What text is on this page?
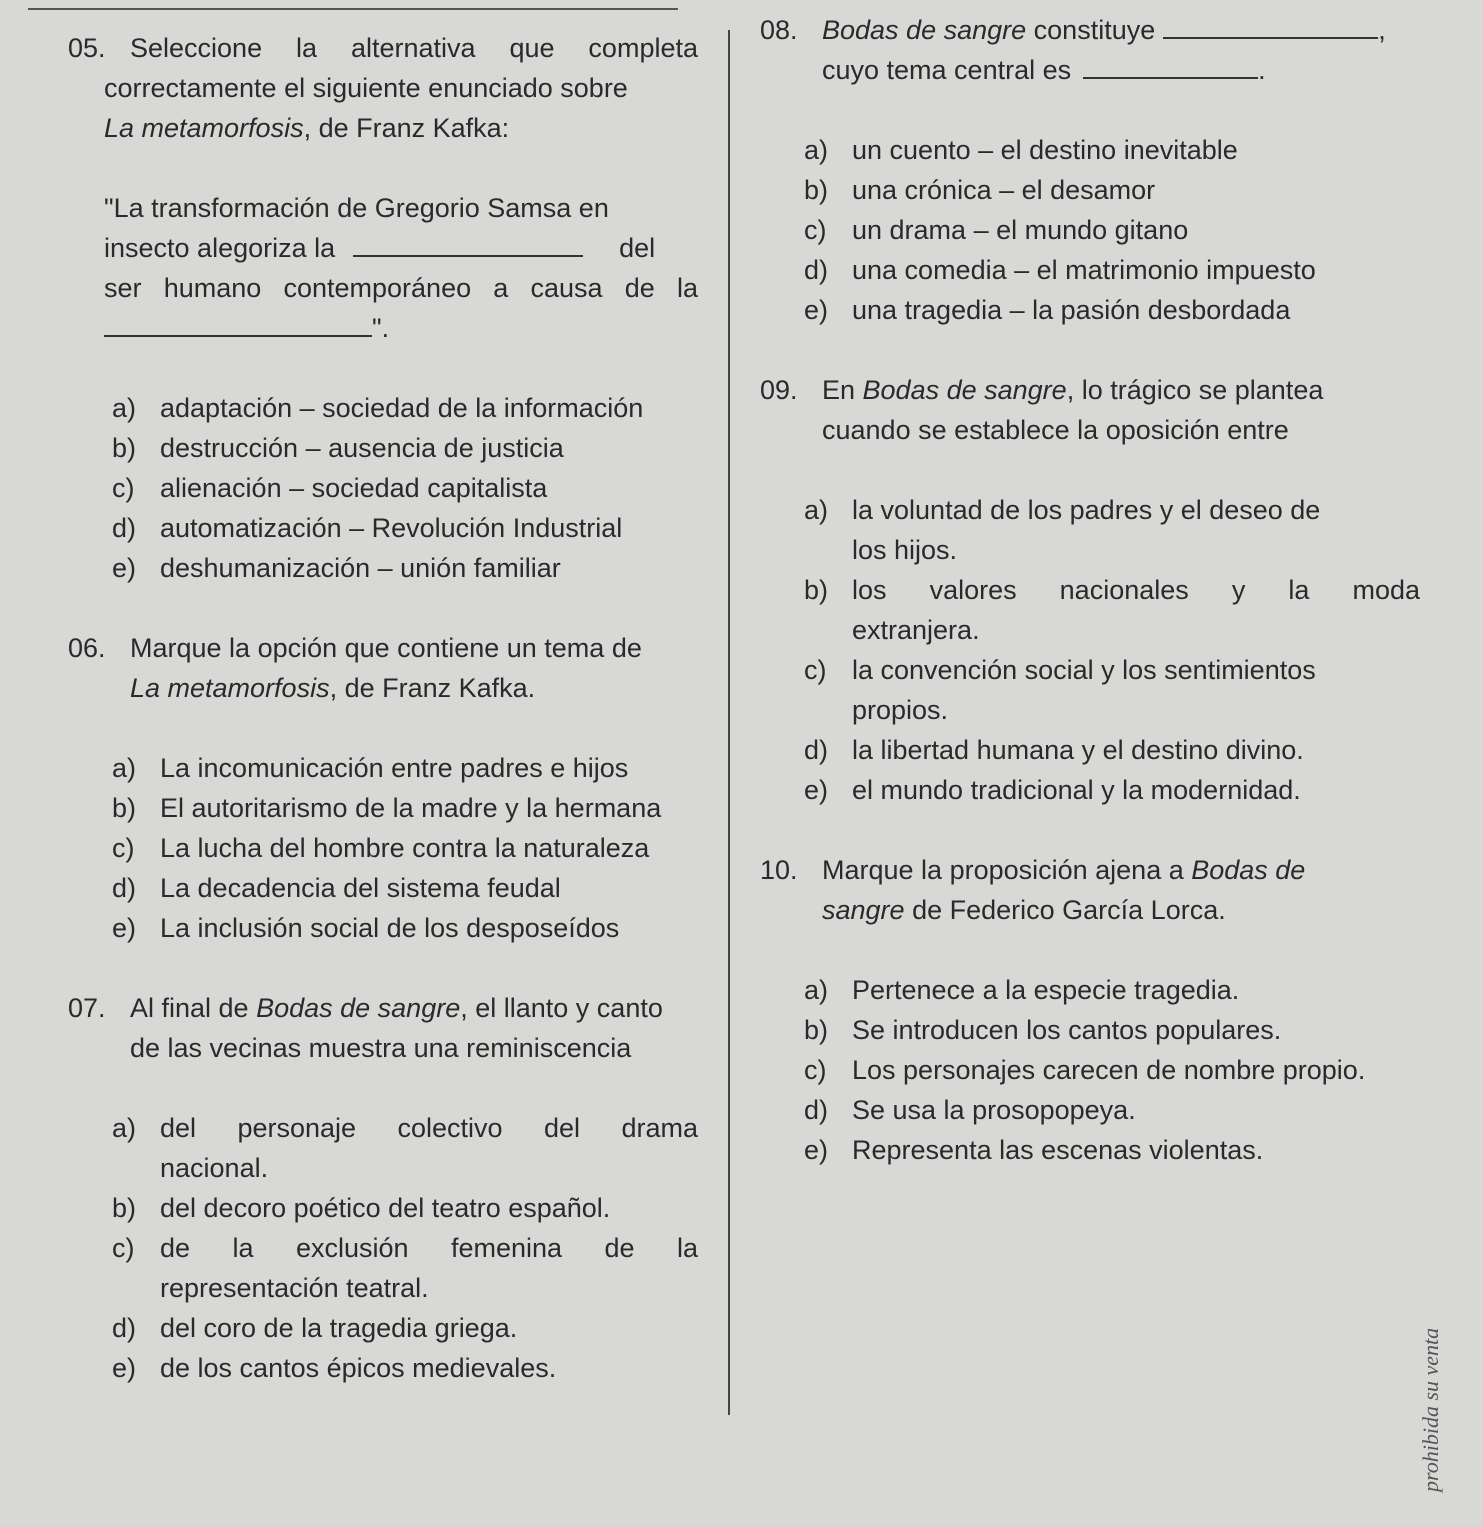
05. Seleccione la alternativa que completa
correctamente el siguiente enunciado sobre
La metamorfosis, de Franz Kafka:
"La transformación de Gregorio Samsa en
insecto alegoriza la	del
ser humano contemporáneo a causa de la
".
a) adaptación – sociedad de la información
b) destrucción – ausencia de justicia
c) alienación – sociedad capitalista
d) automatización – Revolución Industrial
e) deshumanización – unión familiar
06. Marque la opción que contiene un tema de
La metamorfosis, de Franz Kafka.
a) La incomunicación entre padres e hijos
b) El autoritarismo de la madre y la hermana
c) La lucha del hombre contra la naturaleza
d) La decadencia del sistema feudal
e) La inclusión social de los desposeídos
07. Al final de Bodas de sangre, el llanto y canto
de las vecinas muestra una reminiscencia
a) del personaje colectivo del drama
nacional.
b) del decoro poético del teatro español.
c) de la exclusión femenina de la
representación teatral.
d) del coro de la tragedia griega.
e) de los cantos épicos medievales.
08. Bodas de sangre constituye	,
cuyo tema central es	.
a) un cuento – el destino inevitable
b) una crónica – el desamor
c) un drama – el mundo gitano
d) una comedia – el matrimonio impuesto
e) una tragedia – la pasión desbordada
09. En Bodas de sangre, lo trágico se plantea
cuando se establece la oposición entre
a) la voluntad de los padres y el deseo de
los hijos.
b) los valores nacionales y la moda
extranjera.
c) la convención social y los sentimientos
propios.
d) la libertad humana y el destino divino.
e) el mundo tradicional y la modernidad.
10. Marque la proposición ajena a Bodas de
sangre de Federico García Lorca.
a) Pertenece a la especie tragedia.
b) Se introducen los cantos populares.
c) Los personajes carecen de nombre propio.
d) Se usa la prosopopeya.
e) Representa las escenas violentas.
prohibida su venta
